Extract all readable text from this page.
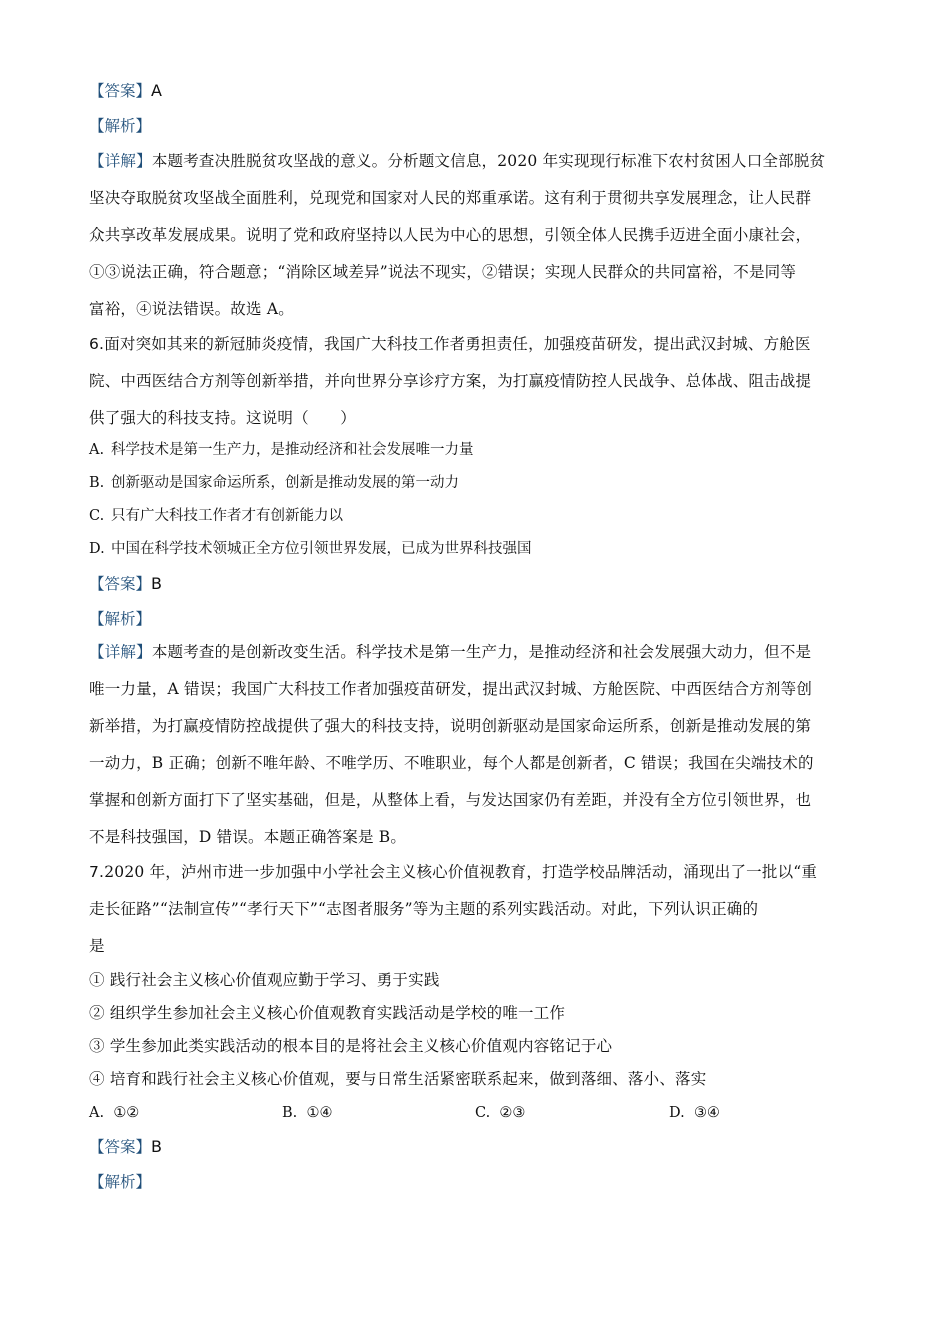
【答案】A
【解析】
【详解】本题考查决胜脱贫攻坚战的意义。分析题文信息，2020 年实现现行标准下农村贫困人口全部脱贫
坚决夺取脱贫攻坚战全面胜利，兑现党和国家对人民的郑重承诺。这有利于贯彻共享发展理念，让人民群
众共享改革发展成果。说明了党和政府坚持以人民为中心的思想，引领全体人民携手迈进全面小康社会，
①③说法正确，符合题意；“消除区域差异”说法不现实，②错误；实现人民群众的共同富裕，不是同等
富裕，④说法错误。故选 A。
6.面对突如其来的新冠肺炎疫情，我国广大科技工作者勇担责任，加强疫苗研发，提出武汉封城、方舱医
院、中西医结合方剂等创新举措，并向世界分享诊疗方案，为打赢疫情防控人民战争、总体战、阻击战提
供了强大的科技支持。这说明（　　）
A. 科学技术是第一生产力，是推动经济和社会发展唯一力量
B. 创新驱动是国家命运所系，创新是推动发展的第一动力
C. 只有广大科技工作者才有创新能力以
D. 中国在科学技术领城正全方位引领世界发展，已成为世界科技强国
【答案】B
【解析】
【详解】本题考查的是创新改变生活。科学技术是第一生产力，是推动经济和社会发展强大动力，但不是
唯一力量，A 错误；我国广大科技工作者加强疫苗研发，提出武汉封城、方舱医院、中西医结合方剂等创
新举措，为打赢疫情防控战提供了强大的科技支持，说明创新驱动是国家命运所系，创新是推动发展的第
一动力，B 正确；创新不唯年龄、不唯学历、不唯职业，每个人都是创新者，C 错误；我国在尖端技术的
掌握和创新方面打下了坚实基础，但是，从整体上看，与发达国家仍有差距，并没有全方位引领世界，也
不是科技强国，D 错误。本题正确答案是 B。
7.2020 年，泸州市进一步加强中小学社会主义核心价值视教育，打造学校品牌活动，涌现出了一批以“重
走长征路”“法制宣传”“孝行天下”“志图者服务”等为主题的系列实践活动。对此，下列认识正确的
是
① 践行社会主义核心价值观应勤于学习、勇于实践
② 组织学生参加社会主义核心价值观教育实践活动是学校的唯一工作
③ 学生参加此类实践活动的根本目的是将社会主义核心价值观内容铭记于心
④ 培育和践行社会主义核心价值观，要与日常生活紧密联系起来，做到落细、落小、落实
A. ①②	B. ①④	C. ②③	D. ③④
【答案】B
【解析】
